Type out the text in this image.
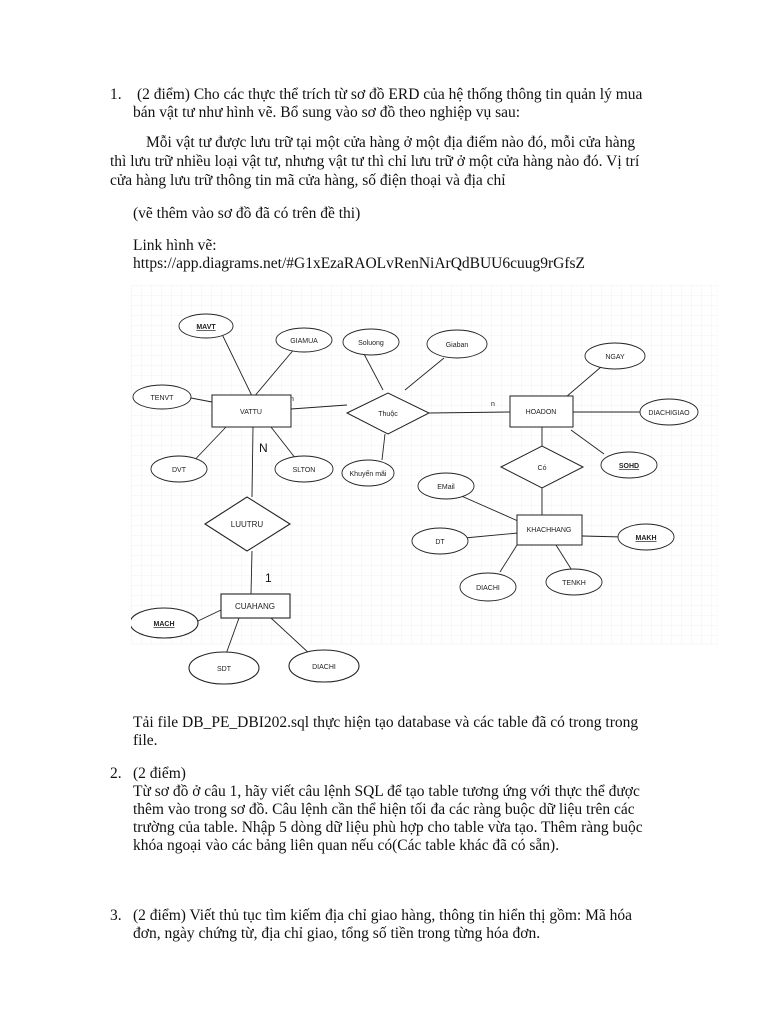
1. (2 điểm) Cho các thực thể trích từ sơ đồ ERD của hệ thống thông tin quản lý mua
bán vật tư như hình vẽ. Bổ sung vào sơ đồ theo nghiệp vụ sau:
Mỗi vật tư được lưu trữ tại một cửa hàng ở một địa điểm nào đó, mỗi cửa hàng
thì lưu trữ nhiều loại vật tư, nhưng vật tư thì chỉ lưu trữ ở một cửa hàng nào đó. Vị trí
cửa hàng lưu trữ thông tin mã cửa hàng, số điện thoại và địa chỉ
(vẽ thêm vào sơ đồ đã có trên đề thi)
Link hình vẽ:
https://app.diagrams.net/#G1xEzaRAOLvRenNiArQdBUU6cuug9rGfsZ
VATTU	HOADON
KHACHHANG
CUAHANG
Thuộc
Có
LUUTRU
MAVT
GIAMUA	Soluong	Giaban
NGAY
TENVT
DIACHIGIAO
DVT	SLTON
Khuyến mãi
SOHD
EMail
DT
MAKH
DIACHI
TENKH
MACH
SDT	DIACHI
n
n
N
1
Tải file DB_PE_DBI202.sql thực hiện tạo database và các table đã có trong trong
file.
2. (2 điểm)
Từ sơ đồ ở câu 1, hãy viết câu lệnh SQL để tạo table tương ứng với thực thể được
thêm vào trong sơ đồ. Câu lệnh cần thể hiện tối đa các ràng buộc dữ liệu trên các
trường của table. Nhập 5 dòng dữ liệu phù hợp cho table vừa tạo. Thêm ràng buộc
khóa ngoại vào các bảng liên quan nếu có(Các table khác đã có sẵn).
3. (2 điểm) Viết thủ tục tìm kiếm địa chỉ giao hàng, thông tin hiển thị gồm: Mã hóa
đơn, ngày chứng từ, địa chỉ giao, tổng số tiền trong từng hóa đơn.
